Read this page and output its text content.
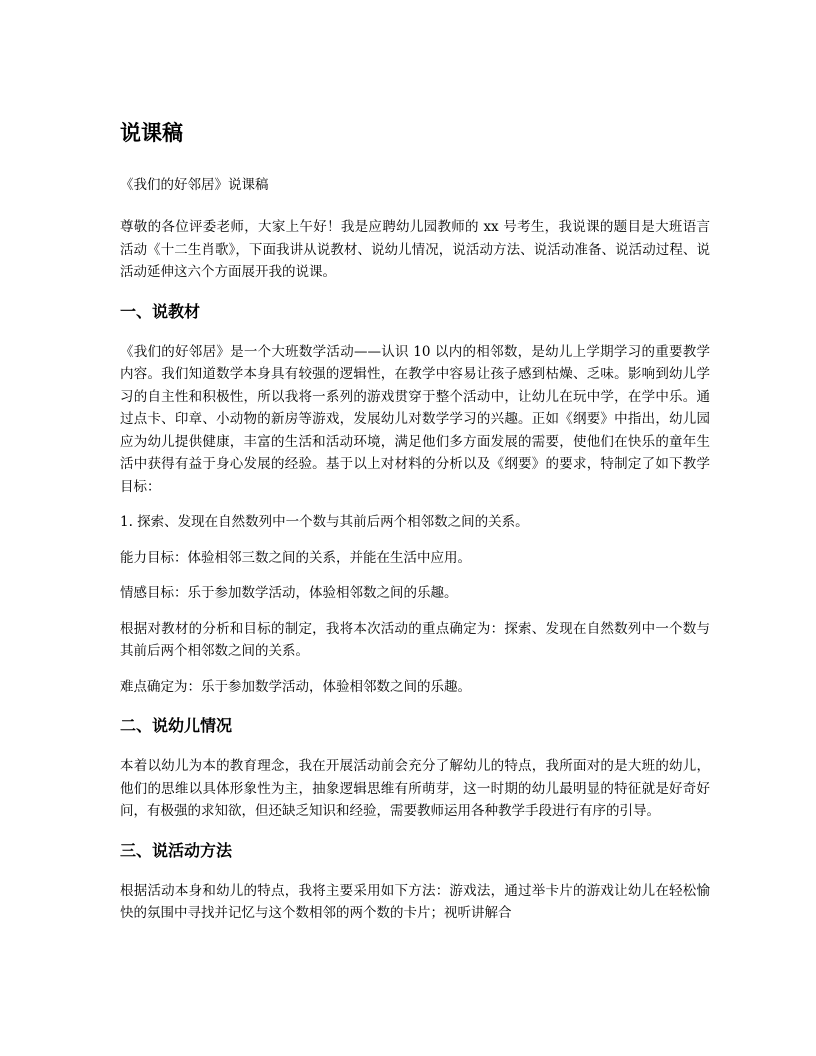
说课稿
《我们的好邻居》说课稿

尊敬的各位评委老师，大家上午好！我是应聘幼儿园教师的 xx 号考生，我说课的题目是大班语言活动《十二生肖歌》，下面我讲从说教材、说幼儿情况，说活动方法、说活动准备、说活动过程、说活动延伸这六个方面展开我的说课。

一、说教材

《我们的好邻居》是一个大班数学活动——认识 10 以内的相邻数，是幼儿上学期学习的重要教学内容。我们知道数学本身具有较强的逻辑性，在教学中容易让孩子感到枯燥、乏味。影响到幼儿学习的自主性和积极性，所以我将一系列的游戏贯穿于整个活动中，让幼儿在玩中学，在学中乐。通过点卡、印章、小动物的新房等游戏，发展幼儿对数学学习的兴趣。正如《纲要》中指出，幼儿园应为幼儿提供健康，丰富的生活和活动环境，满足他们多方面发展的需要，使他们在快乐的童年生活中获得有益于身心发展的经验。基于以上对材料的分析以及《纲要》的要求，特制定了如下教学目标：

1. 探索、发现在自然数列中一个数与其前后两个相邻数之间的关系。

能力目标：体验相邻三数之间的关系，并能在生活中应用。

情感目标：乐于参加数学活动，体验相邻数之间的乐趣。

根据对教材的分析和目标的制定，我将本次活动的重点确定为：探索、发现在自然数列中一个数与其前后两个相邻数之间的关系。

难点确定为：乐于参加数学活动，体验相邻数之间的乐趣。

二、说幼儿情况

本着以幼儿为本的教育理念，我在开展活动前会充分了解幼儿的特点，我所面对的是大班的幼儿，他们的思维以具体形象性为主，抽象逻辑思维有所萌芽，这一时期的幼儿最明显的特征就是好奇好问，有极强的求知欲，但还缺乏知识和经验，需要教师运用各种教学手段进行有序的引导。

三、说活动方法

根据活动本身和幼儿的特点，我将主要采用如下方法：游戏法，通过举卡片的游戏让幼儿在轻松愉快的氛围中寻找并记忆与这个数相邻的两个数的卡片；视听讲解合
